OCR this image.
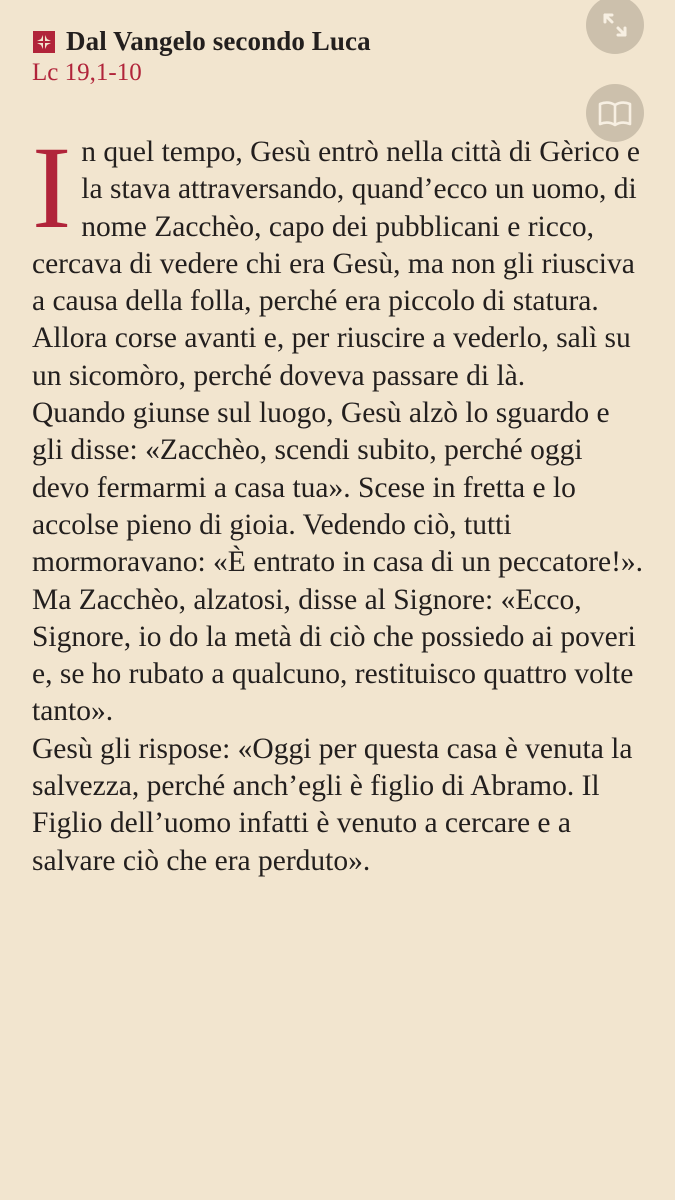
Dal Vangelo secondo Luca
Lc 19,1-10

In quel tempo, Gesù entrò nella città di Gèrico e la stava attraversando, quand’ecco un uomo, di nome Zacchèo, capo dei pubblicani e ricco, cercava di vedere chi era Gesù, ma non gli riusciva a causa della folla, perché era piccolo di statura. Allora corse avanti e, per riuscire a vederlo, salì su un sicomòro, perché doveva passare di là.

Quando giunse sul luogo, Gesù alzò lo sguardo e gli disse: «Zacchèo, scendi subito, perché oggi devo fermarmi a casa tua». Scese in fretta e lo accolse pieno di gioia. Vedendo ciò, tutti mormoravano: «È entrato in casa di un peccatore!».

Ma Zacchèo, alzatosi, disse al Signore: «Ecco, Signore, io do la metà di ciò che possiedo ai poveri e, se ho rubato a qualcuno, restituisco quattro volte tanto».

Gesù gli rispose: «Oggi per questa casa è venuta la salvezza, perché anch’egli è figlio di Abramo. Il Figlio dell’uomo infatti è venuto a cercare e a salvare ciò che era perduto».
